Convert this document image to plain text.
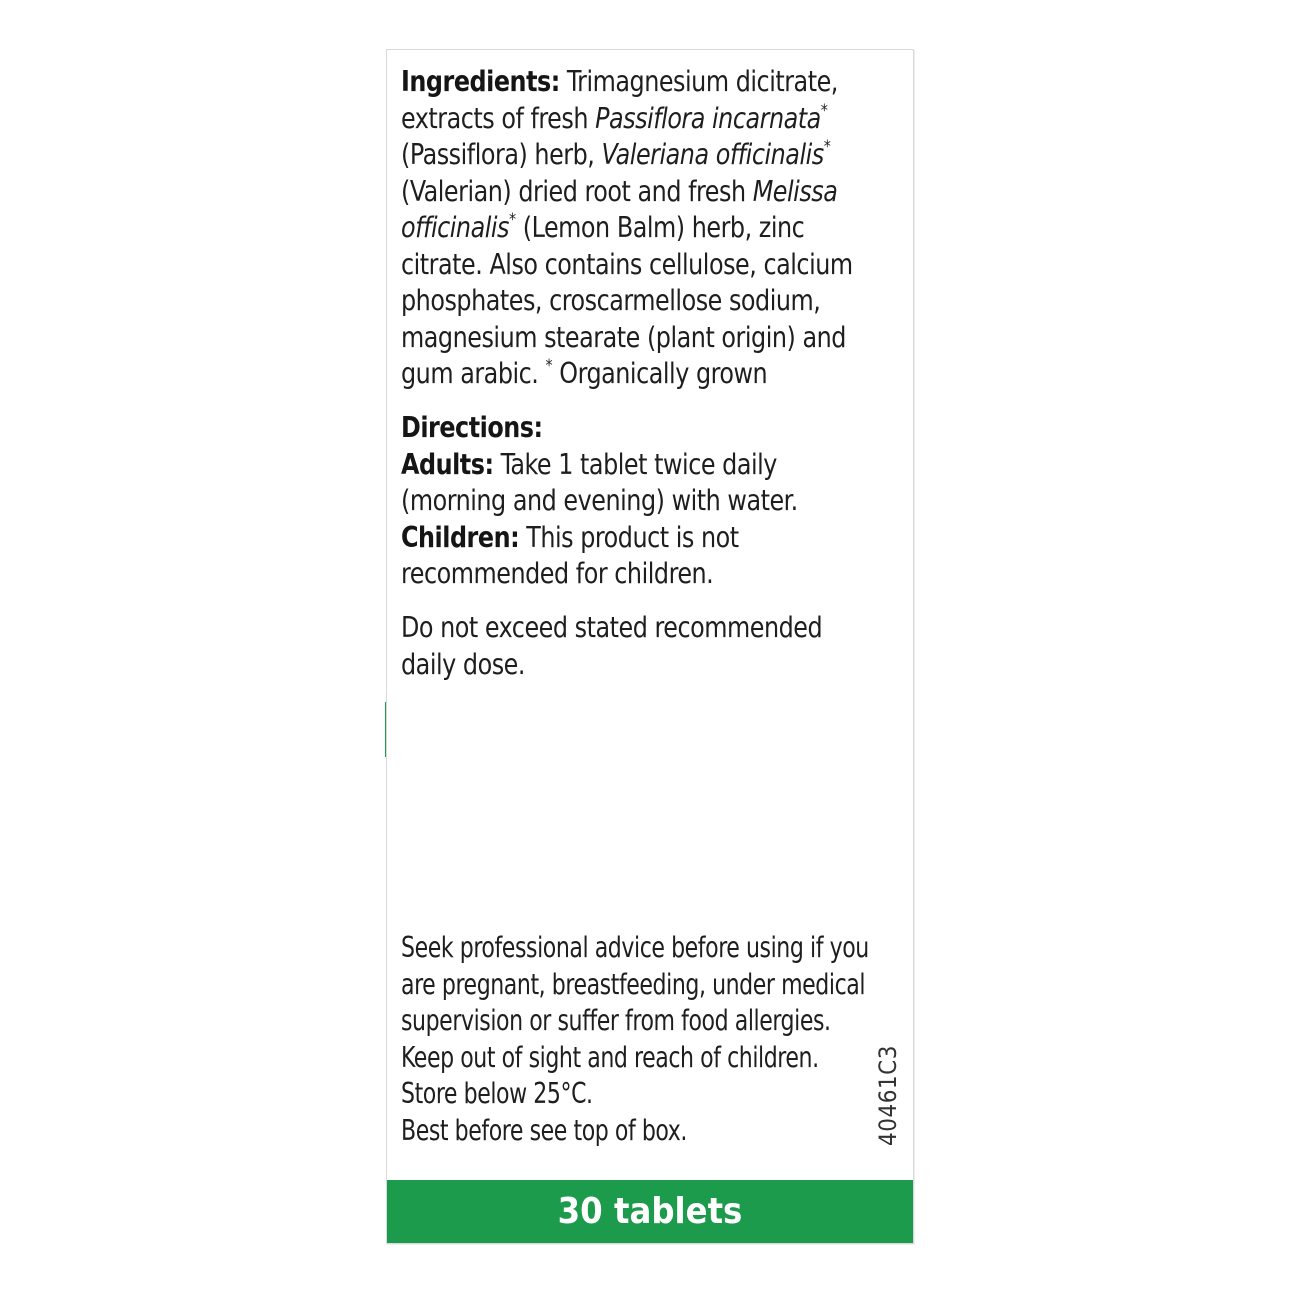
Ingredients: Trimagnesium dicitrate,

extracts of fresh Passiflora incarnata*

(Passiflora) herb, Valeriana officinalis*

(Valerian) dried root and fresh Melissa

officinalis* (Lemon Balm) herb, zinc

citrate. Also contains cellulose, calcium

phosphates, croscarmellose sodium,

magnesium stearate (plant origin) and

gum arabic. * Organically grown

Directions:

Adults: Take 1 tablet twice daily

(morning and evening) with water.

Children: This product is not

recommended for children.

Do not exceed stated recommended

daily dose.

Seek professional advice before using if you

are pregnant, breastfeeding, under medical

supervision or suffer from food allergies.

Keep out of sight and reach of children.

Store below 25°C.

Best before see top of box.	40461C3
30 tablets
